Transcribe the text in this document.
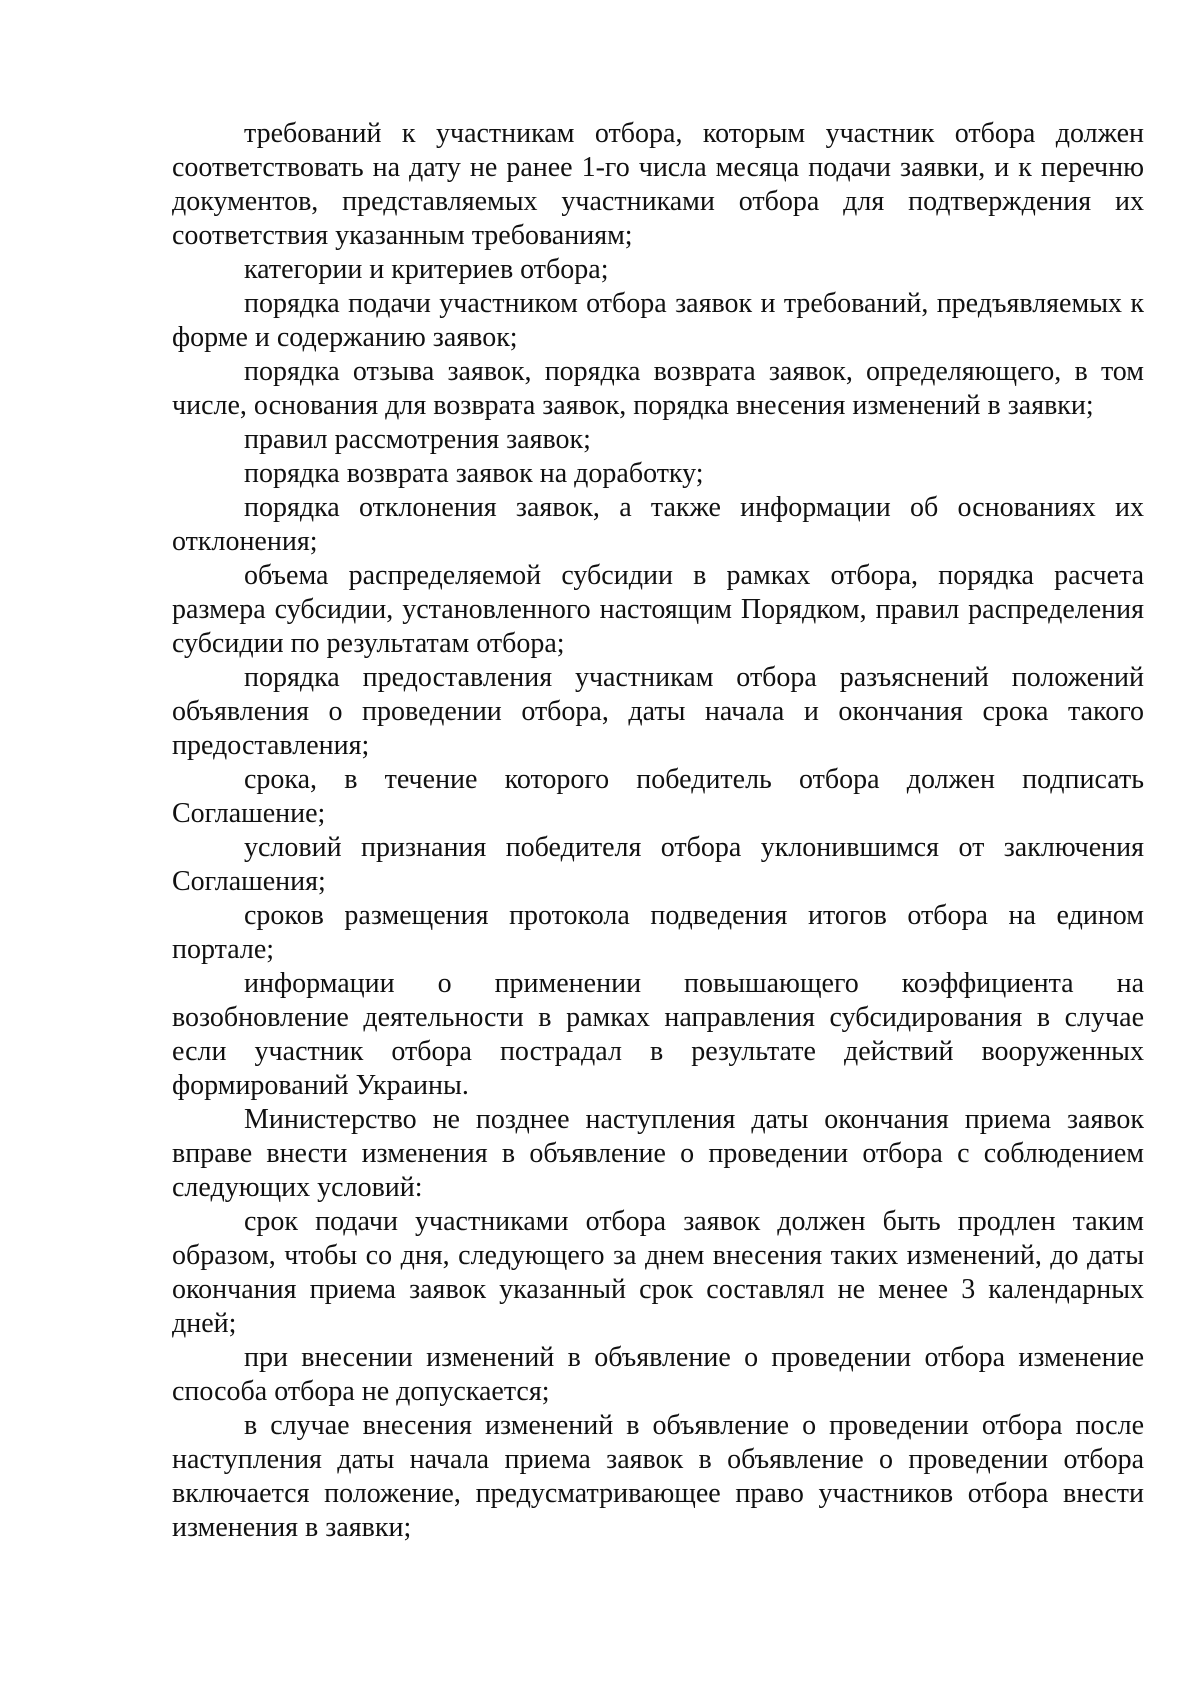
требований к участникам отбора, которым участник отбора должен соответствовать на дату не ранее 1-го числа месяца подачи заявки, и к перечню документов, представляемых участниками отбора для подтверждения их соответствия указанным требованиям;

категории и критериев отбора;

порядка подачи участником отбора заявок и требований, предъявляемых к форме и содержанию заявок;

порядка отзыва заявок, порядка возврата заявок, определяющего, в том числе, основания для возврата заявок, порядка внесения изменений в заявки;

правил рассмотрения заявок;

порядка возврата заявок на доработку;

порядка отклонения заявок, а также информации об основаниях их отклонения;

объема распределяемой субсидии в рамках отбора, порядка расчета размера субсидии, установленного настоящим Порядком, правил распределения субсидии по результатам отбора;

порядка предоставления участникам отбора разъяснений положений объявления о проведении отбора, даты начала и окончания срока такого предоставления;

срока, в течение которого победитель отбора должен подписать Соглашение;

условий признания победителя отбора уклонившимся от заключения Соглашения;

сроков размещения протокола подведения итогов отбора на едином портале;

информации о применении повышающего коэффициента на возобновление деятельности в рамках направления субсидирования в случае если участник отбора пострадал в результате действий вооруженных формирований Украины.

Министерство не позднее наступления даты окончания приема заявок вправе внести изменения в объявление о проведении отбора с соблюдением следующих условий:

срок подачи участниками отбора заявок должен быть продлен таким образом, чтобы со дня, следующего за днем внесения таких изменений, до даты окончания приема заявок указанный срок составлял не менее 3 календарных дней;

при внесении изменений в объявление о проведении отбора изменение способа отбора не допускается;

в случае внесения изменений в объявление о проведении отбора после наступления даты начала приема заявок в объявление о проведении отбора включается положение, предусматривающее право участников отбора внести изменения в заявки;
